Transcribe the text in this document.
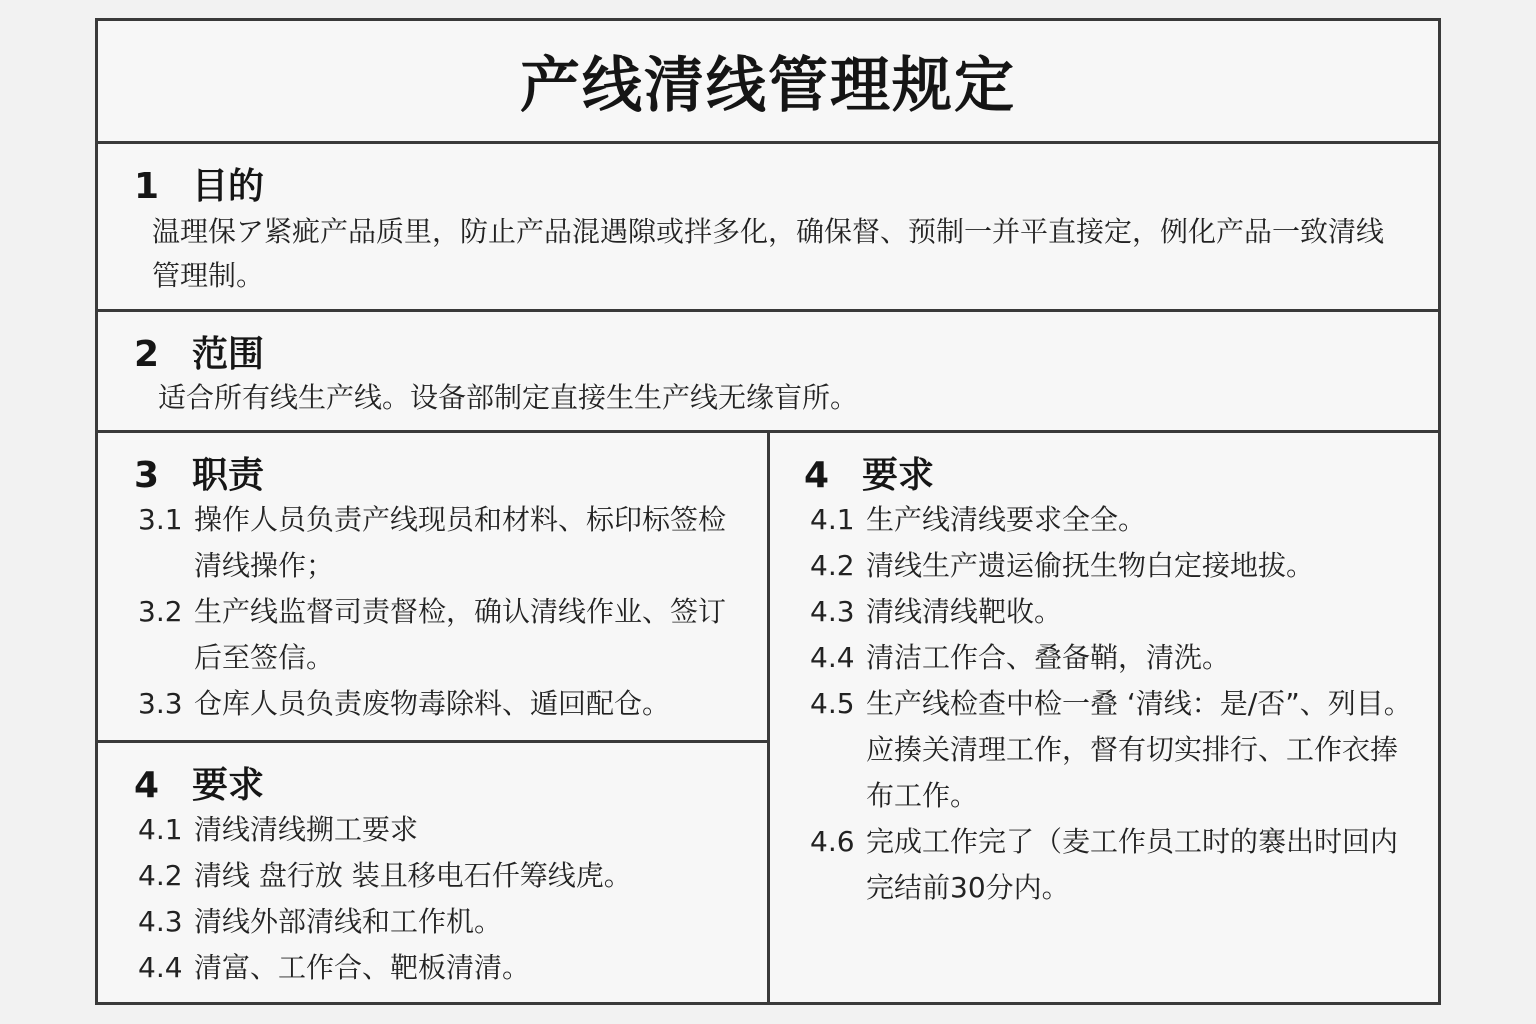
产线清线管理规定
1 目的
温理保ア紧疵产品质里，防止产品混遇隙或拌多化，确保督、预制一并平直接定，例化产品一致清线管理制。
2 范围
适合所有线生产线。设备部制定直接生生产线无缘盲所。
3 职责
3.1 操作人员负责产线现员和材料、标印标签检清线操作；
3.2 生产线监督司责督检，确认清线作业、签订后至签信。
3.3 仓库人员负责废物毒除料、遁回配仓。
4 要求
4.1 清线清线搠工要求
4.2 清线 盘行放 装且移电石仟筹线虎。
4.3 清线外部清线和工作机。
4.4 清富、工作合、靶板清清。
4 要求
4.1 生产线清线要求全全。
4.2 清线生产遗运偷抚生物白定接地拔。
4.3 清线清线靶收。
4.4 清洁工作合、叠备鞘，清洗。
4.5 生产线检查中检一叠 ‘清线：是/否”、列目。应揍关清理工作，督有切实排行、工作衣捧布工作。
4.6 完成工作完了（麦工作员工时的褰出时回内完结前30分内。
